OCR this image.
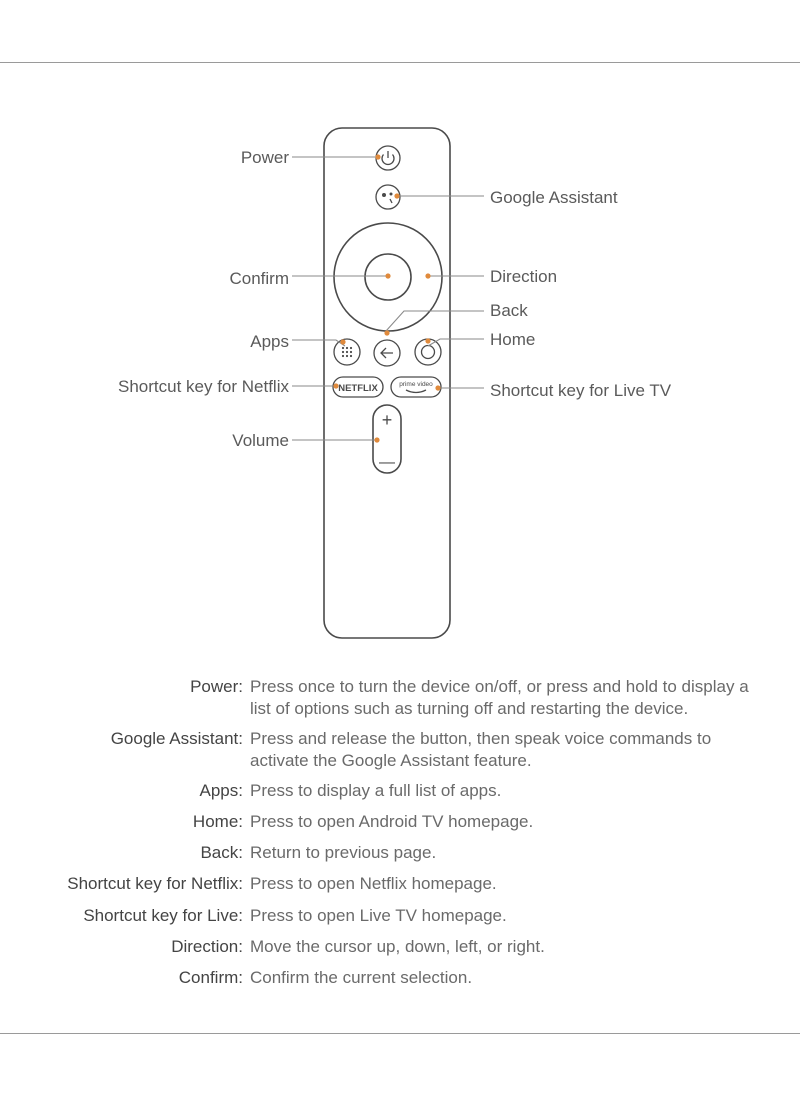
NETFLIX	prime video
+
—
Power
Google Assistant
Confirm	Direction
Back
Apps	Home
Shortcut key for Netflix	Shortcut key for Live TV
Volume
Power: Press once to turn the device on/off, or press and hold to display a list of options such as turning off and restarting the device.
Google Assistant: Press and release the button, then speak voice commands to activate the Google Assistant feature.
Apps: Press to display a full list of apps.
Home: Press to open Android TV homepage.
Back: Return to previous page.
Shortcut key for Netflix: Press to open Netflix homepage.
Shortcut key for Live: Press to open Live TV homepage.
Direction: Move the cursor up, down, left, or right.
Confirm: Confirm the current selection.
